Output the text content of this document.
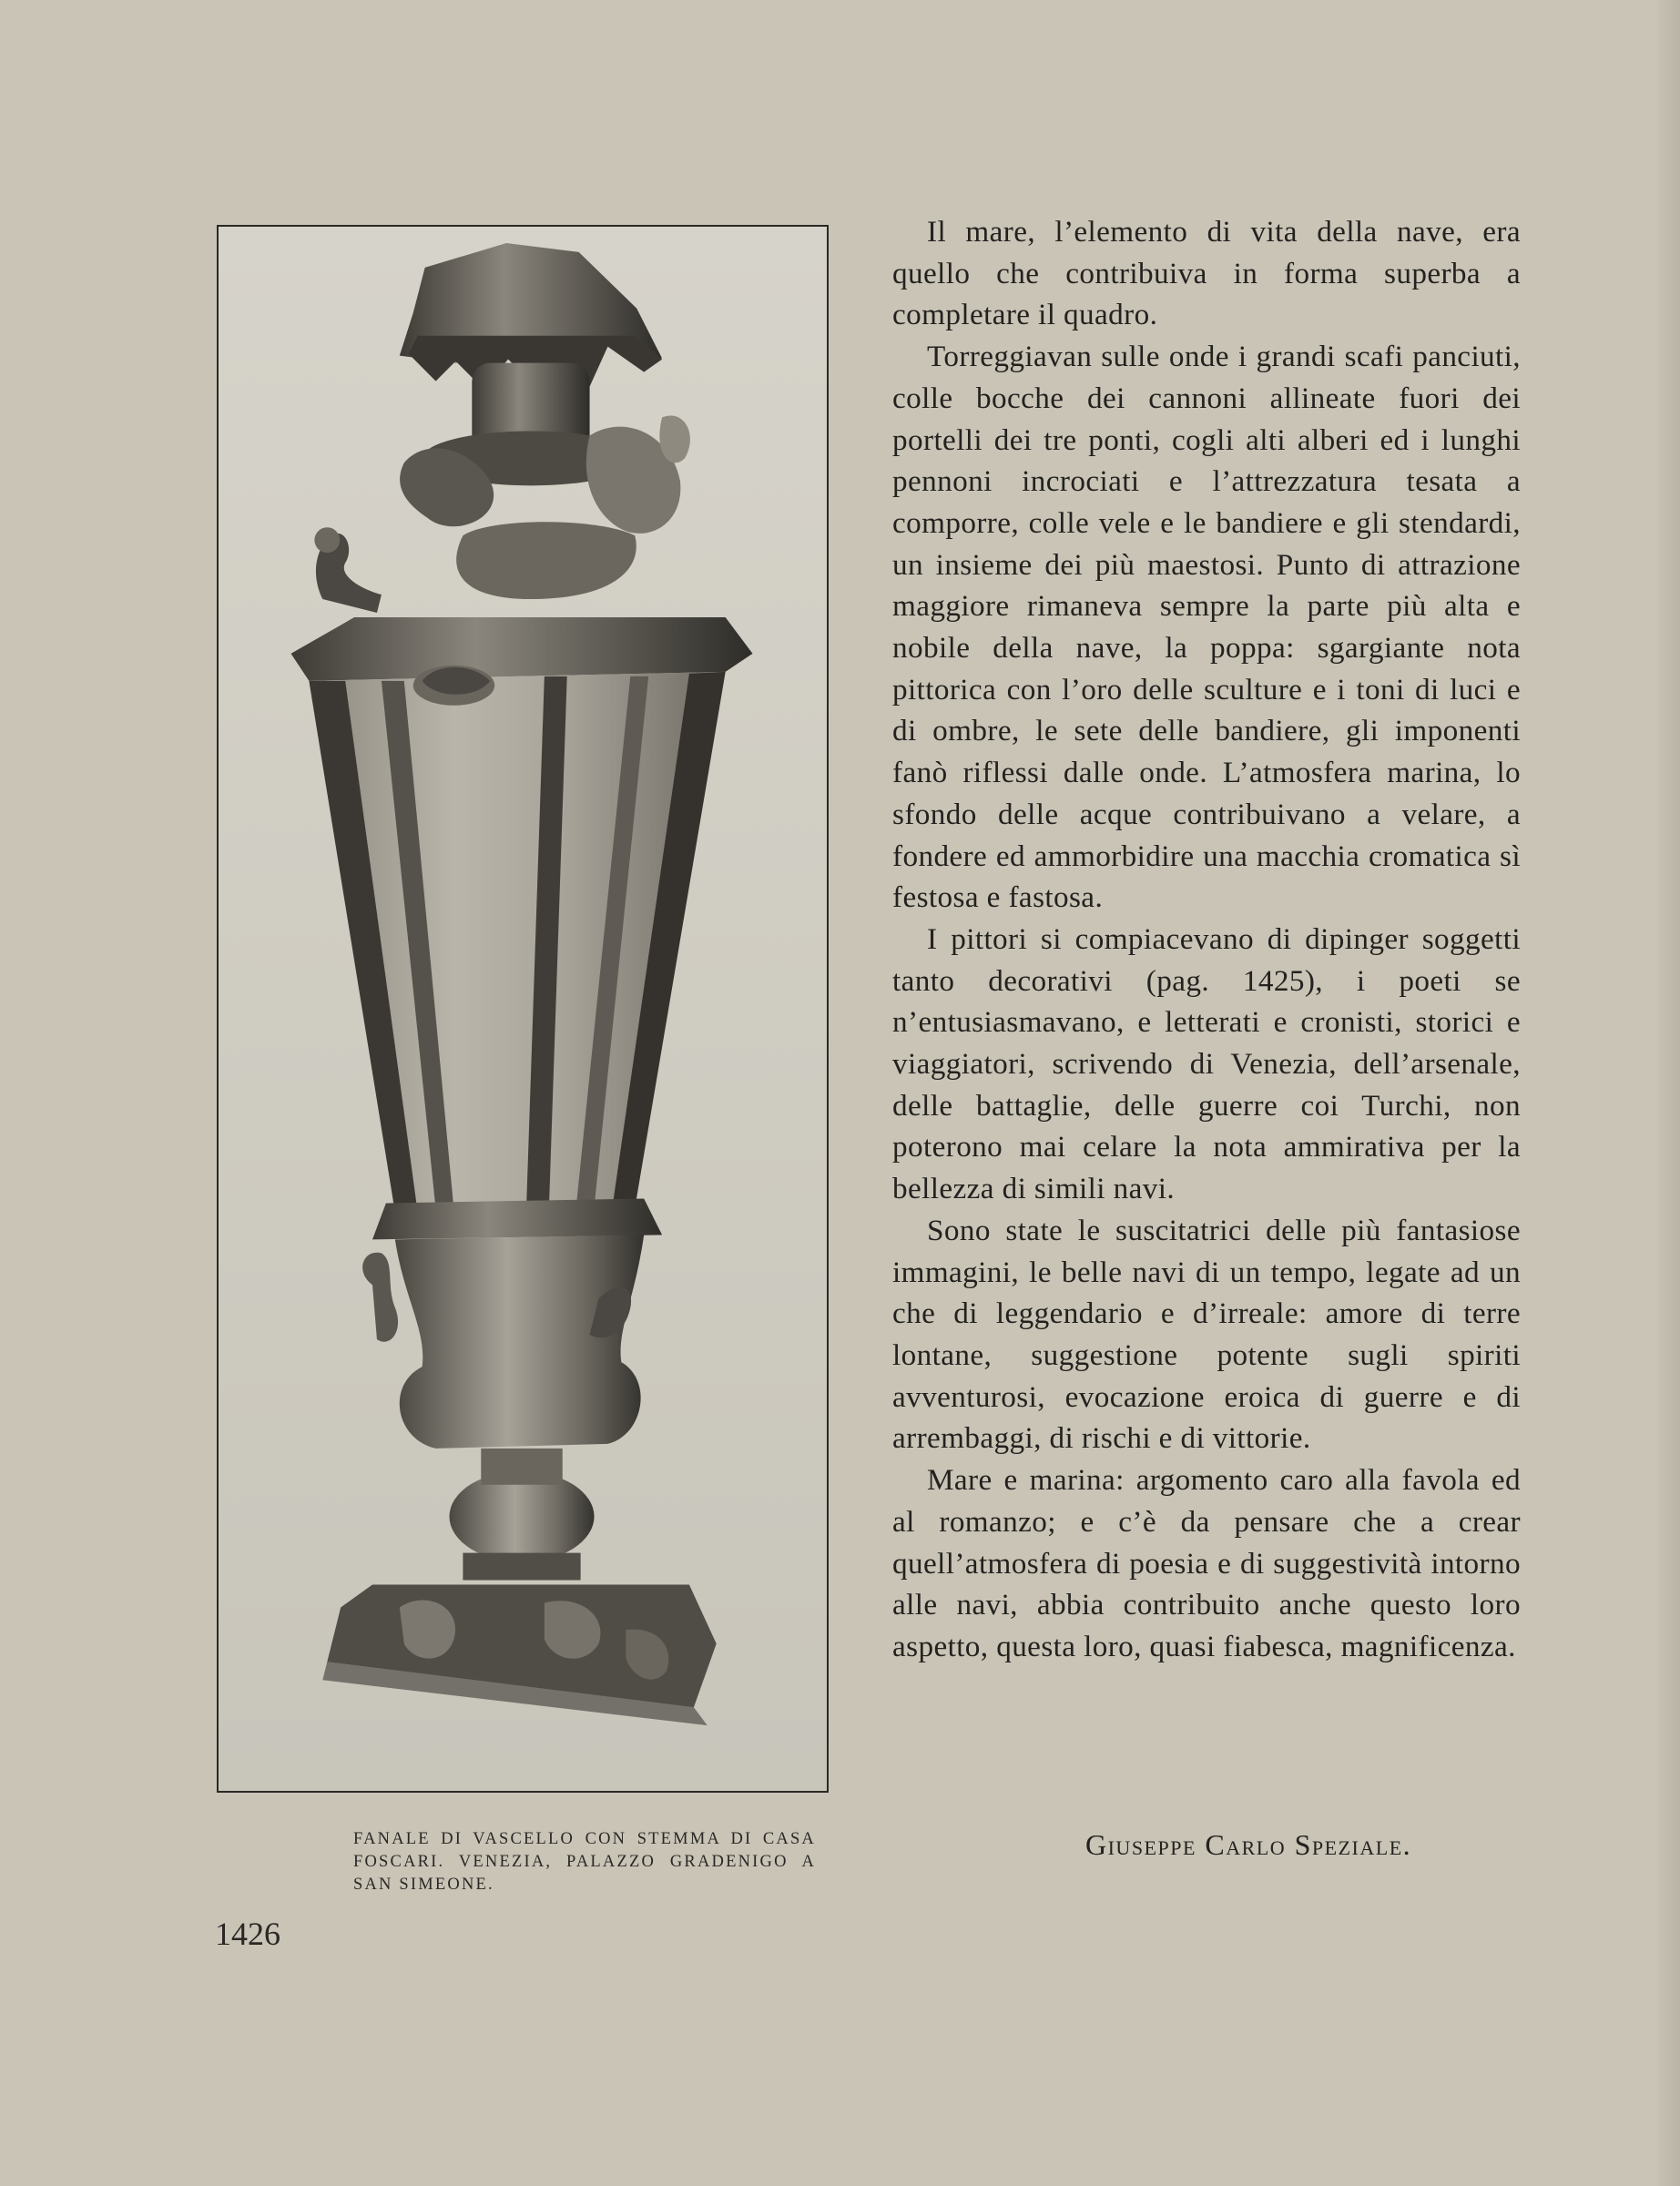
FANALE DI VASCELLO CON STEMMA DI CASA FOSCARI. VENEZIA, PALAZZO GRADENIGO A SAN SIMEONE.
1426

Il mare, l’elemento di vita della nave, era quello che contribuiva in forma superba a completare il quadro.

Torreggiavan sulle onde i grandi scafi panciuti, colle bocche dei cannoni allineate fuori dei portelli dei tre ponti, cogli alti alberi ed i lunghi pennoni incrociati e l’attrezzatura tesata a comporre, colle vele e le bandiere e gli stendardi, un insieme dei più maestosi. Punto di attrazione maggiore rimaneva sempre la parte più alta e nobile della nave, la poppa: sgargiante nota pittorica con l’oro delle sculture e i toni di luci e di ombre, le sete delle bandiere, gli imponenti fanò riflessi dalle onde. L’atmosfera marina, lo sfondo delle acque contribuivano a velare, a fondere ed ammorbidire una macchia cromatica sì festosa e fastosa.

I pittori si compiacevano di dipinger soggetti tanto decorativi (pag. 1425), i poeti se n’entusiasmavano, e letterati e cronisti, storici e viaggiatori, scrivendo di Venezia, dell’arsenale, delle battaglie, delle guerre coi Turchi, non poterono mai celare la nota ammirativa per la bellezza di simili navi.

Sono state le suscitatrici delle più fantasiose immagini, le belle navi di un tempo, legate ad un che di leggendario e d’irreale: amore di terre lontane, suggestione potente sugli spiriti avventurosi, evocazione eroica di guerre e di arrembaggi, di rischi e di vittorie.

Mare e marina: argomento caro alla favola ed al romanzo; e c’è da pensare che a crear quell’atmosfera di poesia e di suggestività intorno alle navi, abbia contribuito anche questo loro aspetto, questa loro, quasi fiabesca, magnificenza.

Giuseppe Carlo Speziale.
